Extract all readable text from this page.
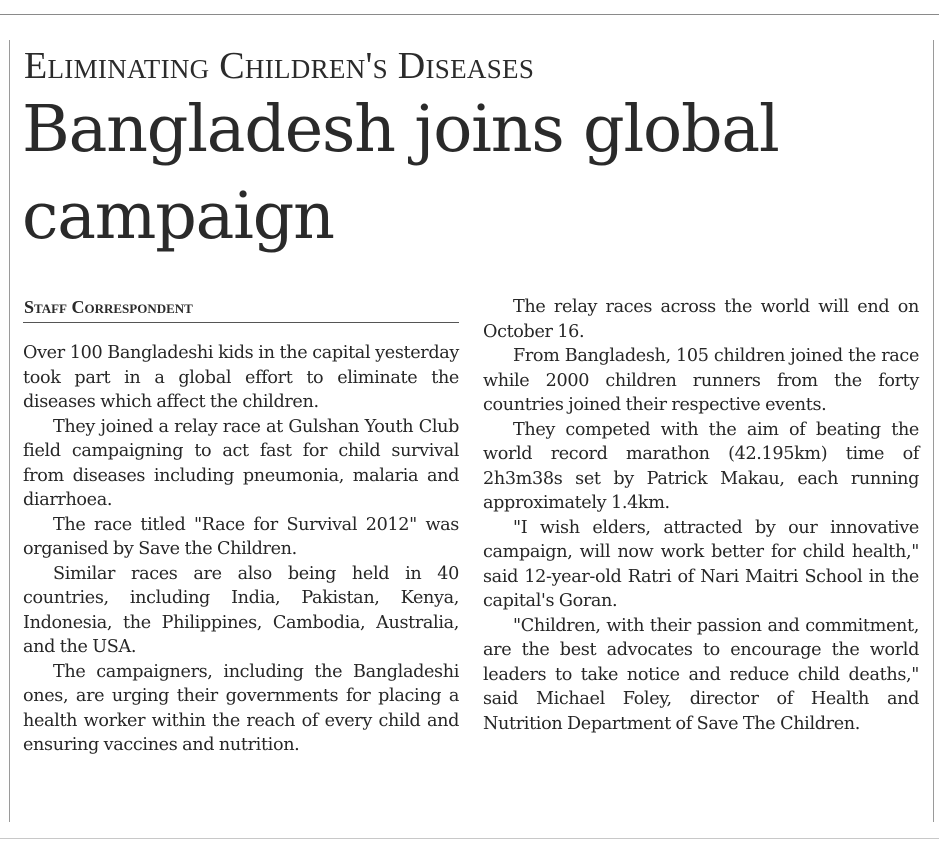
Eliminating Children's Diseases
Bangladesh joins global campaign
Staff Correspondent

Over 100 Bangladeshi kids in the capital yesterday took part in a global effort to eliminate the diseases which affect the children.

They joined a relay race at Gulshan Youth Club field campaigning to act fast for child survival from diseases including pneumonia, malaria and diarrhoea.

The race titled "Race for Survival 2012" was organised by Save the Children.

Similar races are also being held in 40 countries, including India, Pakistan, Kenya, Indonesia, the Philippines, Cambodia, Australia, and the USA.

The campaigners, including the Bangladeshi ones, are urging their governments for placing a health worker within the reach of every child and ensuring vaccines and nutrition.

The relay races across the world will end on October 16.

From Bangladesh, 105 children joined the race while 2000 children runners from the forty countries joined their respective events.

They competed with the aim of beating the world record marathon (42.195km) time of 2h3m38s set by Patrick Makau, each running approximately 1.4km.

"I wish elders, attracted by our innovative campaign, will now work better for child health," said 12-year-old Ratri of Nari Maitri School in the capital's Goran.

"Children, with their passion and commitment, are the best advocates to encourage the world leaders to take notice and reduce child deaths," said Michael Foley, director of Health and Nutrition Department of Save The Children.
